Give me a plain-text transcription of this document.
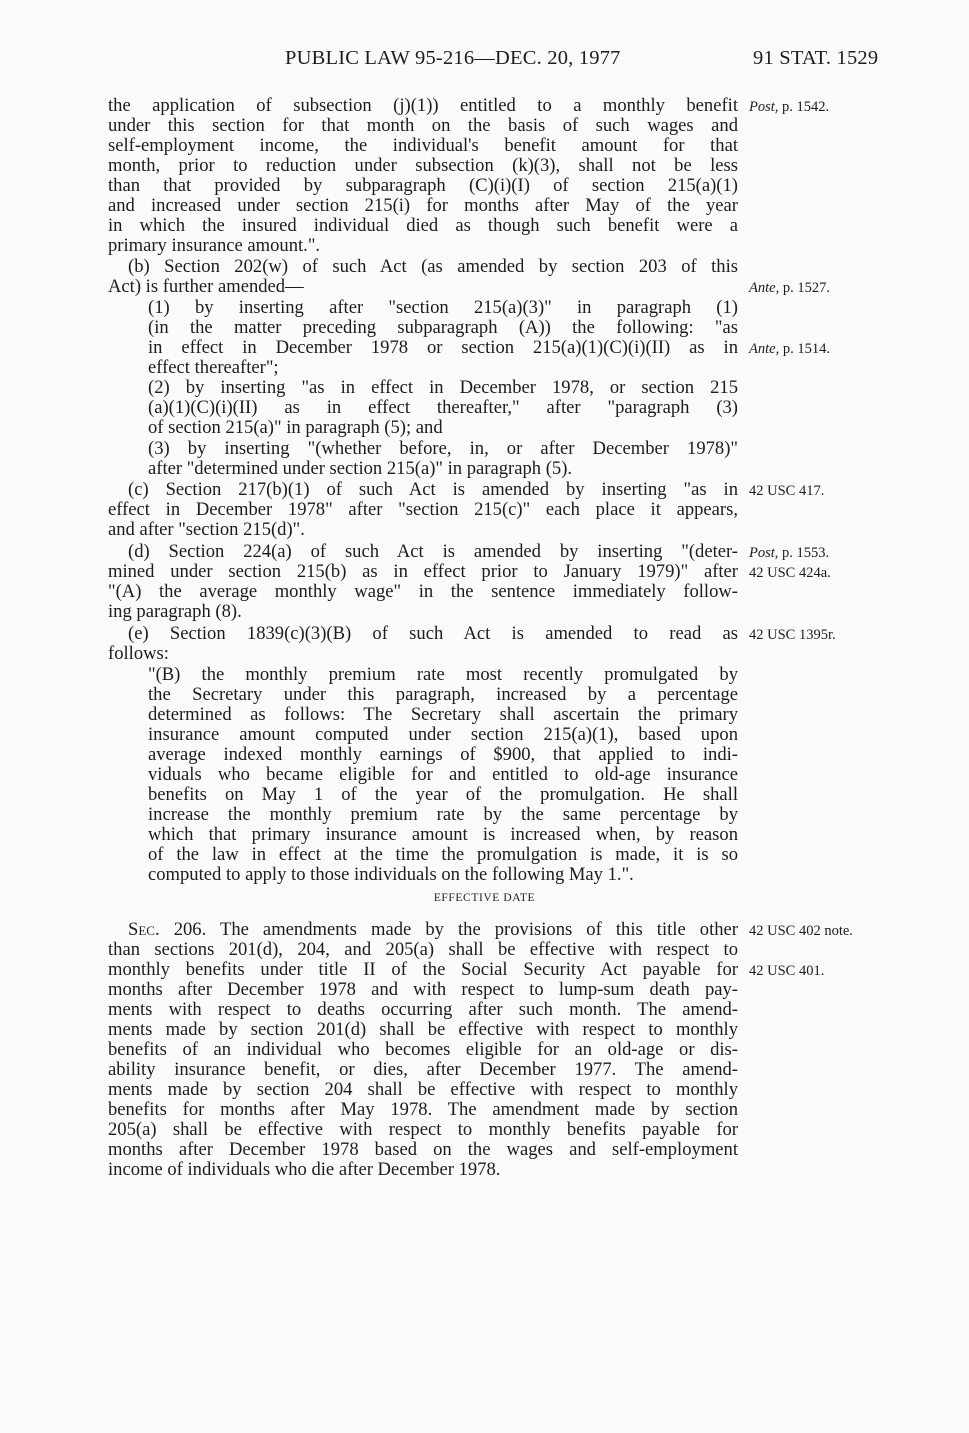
PUBLIC LAW 95-216—DEC. 20, 1977	91 STAT. 1529
the application of subsection (j)(1)) entitled to a monthly benefit
under this section for that month on the basis of such wages and
self-employment income, the individual's benefit amount for that
month, prior to reduction under subsection (k)(3), shall not be less
than that provided by subparagraph (C)(i)(I) of section 215(a)(1)
and increased under section 215(i) for months after May of the year
in which the insured individual died as though such benefit were a
primary insurance amount.".
(b) Section 202(w) of such Act (as amended by section 203 of this
Act) is further amended—
(1) by inserting after "section 215(a)(3)" in paragraph (1)
(in the matter preceding subparagraph (A)) the following: "as
in effect in December 1978 or section 215(a)(1)(C)(i)(II) as in
effect thereafter";
(2) by inserting "as in effect in December 1978, or section 215
(a)(1)(C)(i)(II) as in effect thereafter," after "paragraph (3)
of section 215(a)" in paragraph (5); and
(3) by inserting "(whether before, in, or after December 1978)"
after "determined under section 215(a)" in paragraph (5).
(c) Section 217(b)(1) of such Act is amended by inserting "as in
effect in December 1978" after "section 215(c)" each place it appears,
and after "section 215(d)".
(d) Section 224(a) of such Act is amended by inserting "(deter-
mined under section 215(b) as in effect prior to January 1979)" after
"(A) the average monthly wage" in the sentence immediately follow-
ing paragraph (8).
(e) Section 1839(c)(3)(B) of such Act is amended to read as
follows:
"(B) the monthly premium rate most recently promulgated by
the Secretary under this paragraph, increased by a percentage
determined as follows: The Secretary shall ascertain the primary
insurance amount computed under section 215(a)(1), based upon
average indexed monthly earnings of $900, that applied to indi-
viduals who became eligible for and entitled to old-age insurance
benefits on May 1 of the year of the promulgation. He shall
increase the monthly premium rate by the same percentage by
which that primary insurance amount is increased when, by reason
of the law in effect at the time the promulgation is made, it is so
computed to apply to those individuals on the following May 1.".
EFFECTIVE DATE
Sec. 206. The amendments made by the provisions of this title other
than sections 201(d), 204, and 205(a) shall be effective with respect to
monthly benefits under title II of the Social Security Act payable for
months after December 1978 and with respect to lump-sum death pay-
ments with respect to deaths occurring after such month. The amend-
ments made by section 201(d) shall be effective with respect to monthly
benefits of an individual who becomes eligible for an old-age or dis-
ability insurance benefit, or dies, after December 1977. The amend-
ments made by section 204 shall be effective with respect to monthly
benefits for months after May 1978. The amendment made by section
205(a) shall be effective with respect to monthly benefits payable for
months after December 1978 based on the wages and self-employment
income of individuals who die after December 1978.
Post, p. 1542.
Ante, p. 1527.
Ante, p. 1514.
42 USC 417.
Post, p. 1553.
42 USC 424a.
42 USC 1395r.
42 USC 402 note.
42 USC 401.
